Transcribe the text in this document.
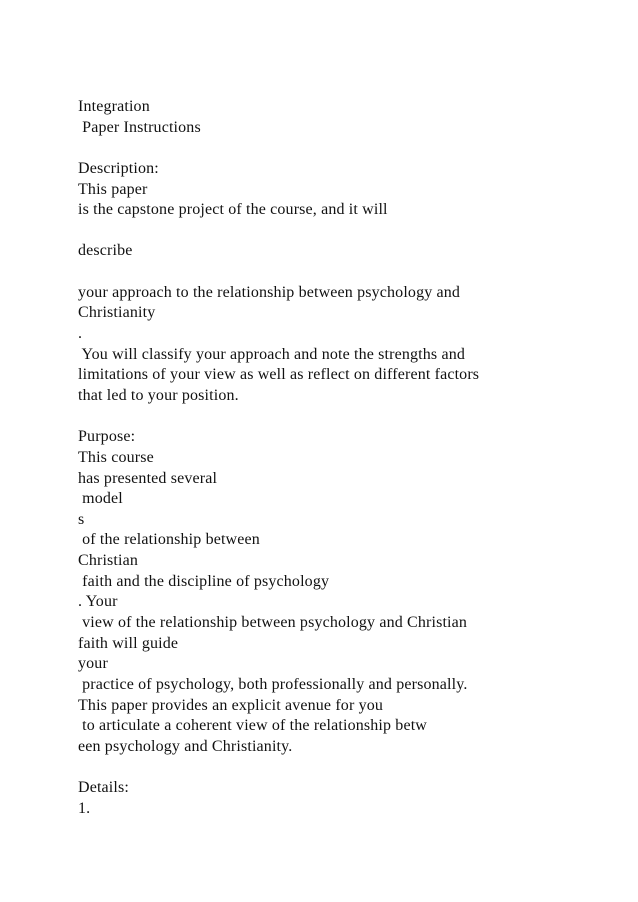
Integration
Paper Instructions
Description:
This paper
is the capstone project of the course, and it will
describe
your approach to the relationship between psychology and
Christianity
.
You will classify your approach and note the strengths and
limitations of your view as well as reflect on different factors
that led to your position.
Purpose:
This course
has presented several
model
s
of the relationship between
Christian
faith and the discipline of psychology
. Your
view of the relationship between psychology and Christian
faith will guide
your
practice of psychology, both professionally and personally.
This paper provides an explicit avenue for you
to articulate a coherent view of the relationship betw
een psychology and Christianity.
Details:
1.
